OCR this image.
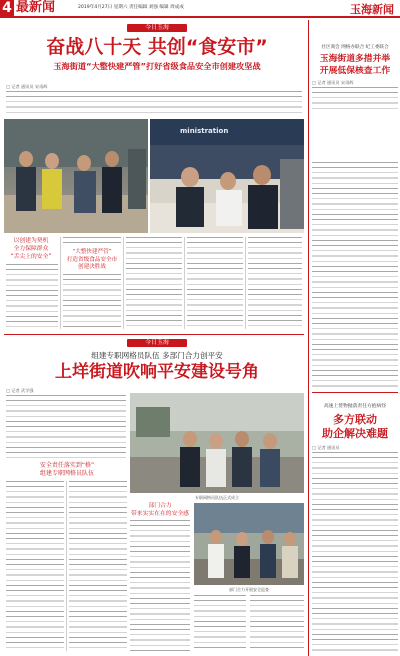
4 最新闻	2019年4月27日 星期六 责任编辑 刘强 编辑 周成成	玉海新闻
今日玉海
奋战八十天 共创“食安市”
玉海街道“大整快建严管”打好省级食品安全市创建攻坚战
□ 记者 通讯员 宋再辉
ministration
以创建为契机
全力保障群众
“舌尖上的安全”
“大整快建严管”
打造省级食品安全市
创建决胜战
今日玉海
组建专职网格员队伍 多部门合力创平安
上垟街道吹响平安建设号角
□ 记者 武学强
安全责任落实到“格”
组建专职网格员队伍
专职网格员队伍正式成立
部门合力
带来实实在在的安全感
部门合力开展安全巡查
社区商会 网格办联合 纪工委联合
玉海街道多措并举
开展低保核查工作
□ 记者 通讯员 宋再辉
高速上货物抛落责任方抱病怪
多方联动
助企解决难题
□ 记者 通讯员
